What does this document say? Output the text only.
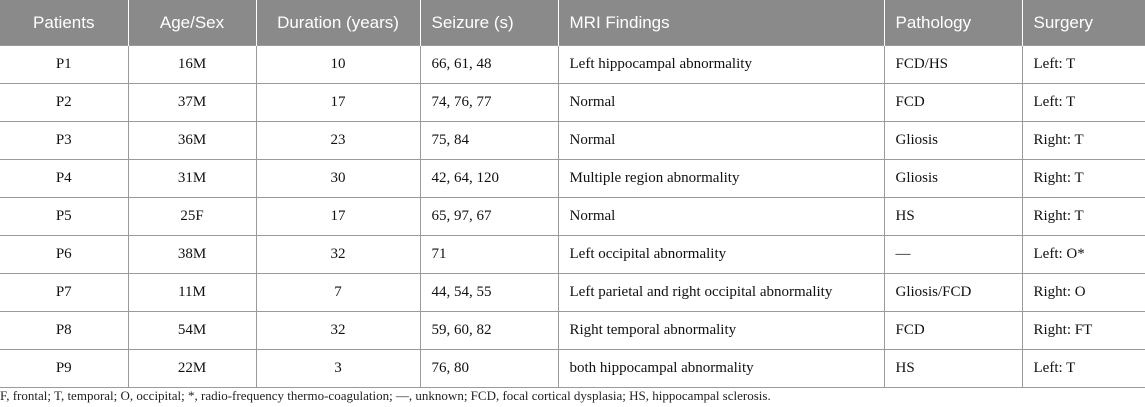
Patients	Age/Sex	Duration (years)	Seizure (s)	MRI Findings	Pathology	Surgery
P1	16M	10	66, 61, 48	Left hippocampal abnormality	FCD/HS	Left: T
P2	37M	17	74, 76, 77	Normal	FCD	Left: T
P3	36M	23	75, 84	Normal	Gliosis	Right: T
P4	31M	30	42, 64, 120	Multiple region abnormality	Gliosis	Right: T
P5	25F	17	65, 97, 67	Normal	HS	Right: T
P6	38M	32	71	Left occipital abnormality	—	Left: O*
P7	11M	7	44, 54, 55	Left parietal and right occipital abnormality	Gliosis/FCD	Right: O
P8	54M	32	59, 60, 82	Right temporal abnormality	FCD	Right: FT
P9	22M	3	76, 80	both hippocampal abnormality	HS	Left: T
F, frontal; T, temporal; O, occipital; *, radio-frequency thermo-coagulation; —, unknown; FCD, focal cortical dysplasia; HS, hippocampal sclerosis.
